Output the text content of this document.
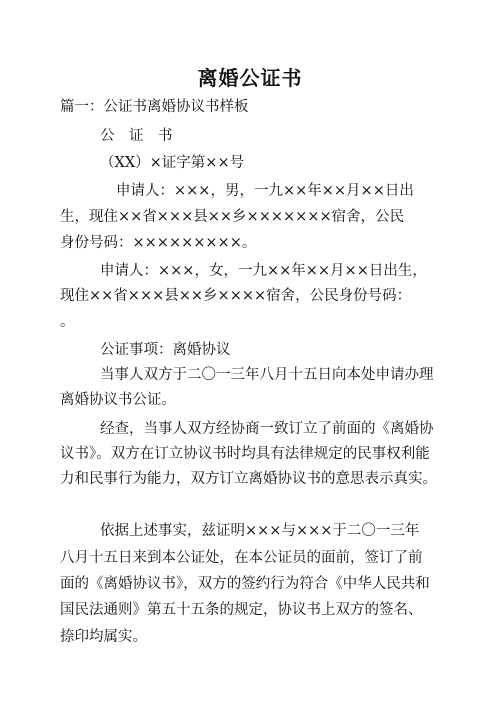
离婚公证书
篇一：公证书离婚协议书样板
公　证　书
（XX）×证字第××号
申请人：×××，男，一九××年××月××日出
生，现住××省×××县××乡×××××××宿舍，公民
身份号码：×××××××××。
申请人：×××，女，一九××年××月××日出生，
现住××省×××县××乡××××宿舍，公民身份号码：
。
公证事项：离婚协议
当事人双方于二〇一三年八月十五日向本处申请办理
离婚协议书公证。
经查，当事人双方经协商一致订立了前面的《离婚协
议书》。双方在订立协议书时均具有法律规定的民事权利能
力和民事行为能力，双方订立离婚协议书的意思表示真实。
依据上述事实，兹证明×××与×××于二〇一三年
八月十五日来到本公证处，在本公证员的面前，签订了前
面的《离婚协议书》，双方的签约行为符合《中华人民共和
国民法通则》第五十五条的规定，协议书上双方的签名、
捺印均属实。
